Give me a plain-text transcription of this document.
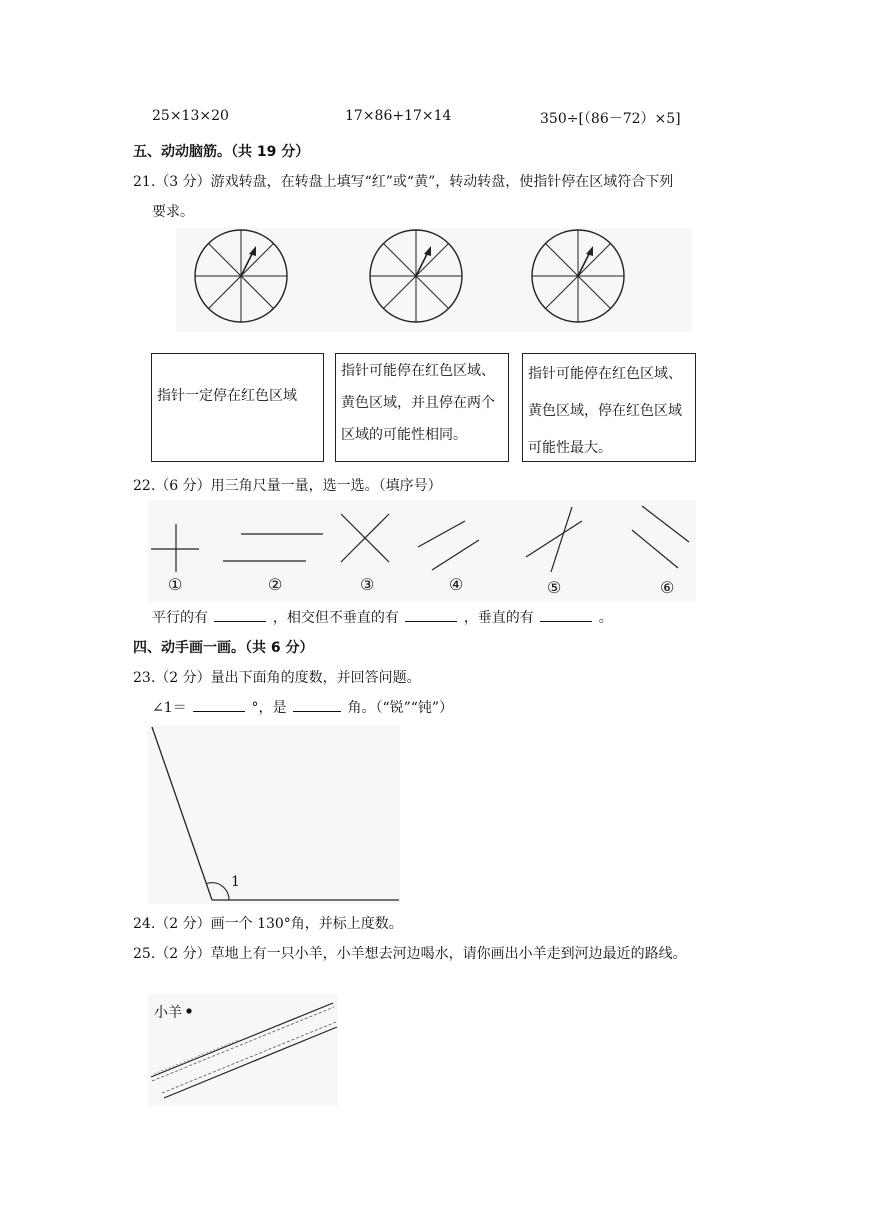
25×13×20	17×86+17×14	350÷[（86－72）×5]
五、动动脑筋。（共 19 分）
21.（3 分）游戏转盘，在转盘上填写“红”或“黄”，转动转盘，使指针停在区域符合下列
要求。
指针一定停在红色区域
指针可能停在红色区域、黄色区域，并且停在两个区域的可能性相同。
指针可能停在红色区域、黄色区域，停在红色区域可能性最大。
22.（6 分）用三角尺量一量，选一选。（填序号）
①	②	③	④	⑤	⑥
平行的有	，相交但不垂直的有	，垂直的有	。
四、动手画一画。（共 6 分）
23.（2 分）量出下面角的度数，并回答问题。
∠1＝	°，是	角。（“锐”“钝”）
1
24.（2 分）画一个 130°角，并标上度数。
25.（2 分）草地上有一只小羊，小羊想去河边喝水，请你画出小羊走到河边最近的路线。
小羊
